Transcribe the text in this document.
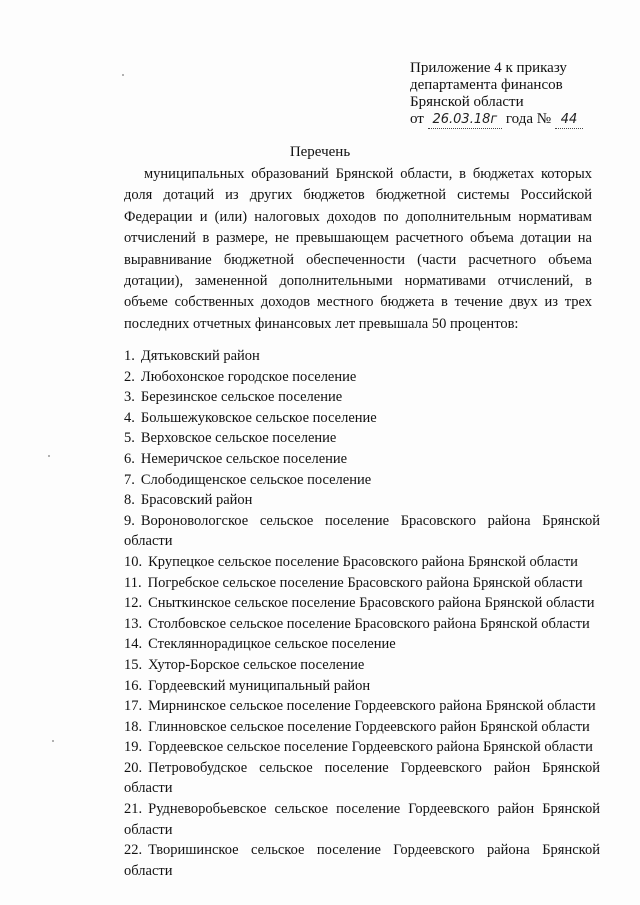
Приложение 4 к приказу
департамента финансов
Брянской области
от 26.03.18г года № 44
Перечень
муниципальных образований Брянской области, в бюджетах которых доля дотаций из других бюджетов бюджетной системы Российской Федерации и (или) налоговых доходов по дополнительным нормативам отчислений в размере, не превышающем расчетного объема дотации на выравнивание бюджетной обеспеченности (части расчетного объема дотации), замененной дополнительными нормативами отчислений, в объеме собственных доходов местного бюджета в течение двух из трех последних отчетных финансовых лет превышала 50 процентов:
1. Дятьковский район
2. Любохонское городское поселение
3. Березинское сельское поселение
4. Большежуковское сельское поселение
5. Верховское сельское поселение
6. Немеричское сельское поселение
7. Слободищенское сельское поселение
8. Брасовский район
9. Вороновологское сельское поселение Брасовского района Брянской области
10. Крупецкое сельское поселение Брасовского района Брянской области
11. Погребское сельское поселение Брасовского района Брянской области
12. Сныткинское сельское поселение Брасовского района Брянской области
13. Столбовское сельское поселение Брасовского района Брянской области
14. Стекляннорадицкое сельское поселение
15. Хутор-Борское сельское поселение
16. Гордеевский муниципальный район
17. Мирнинское сельское поселение Гордеевского района Брянской области
18. Глинновское сельское поселение Гордеевского район Брянской области
19. Гордеевское сельское поселение Гордеевского района Брянской области
20. Петровобудское сельское поселение Гордеевского район Брянской области
21. Рудневоробьевское сельское поселение Гордеевского район Брянской области
22. Творишинское сельское поселение Гордеевского района Брянской области
